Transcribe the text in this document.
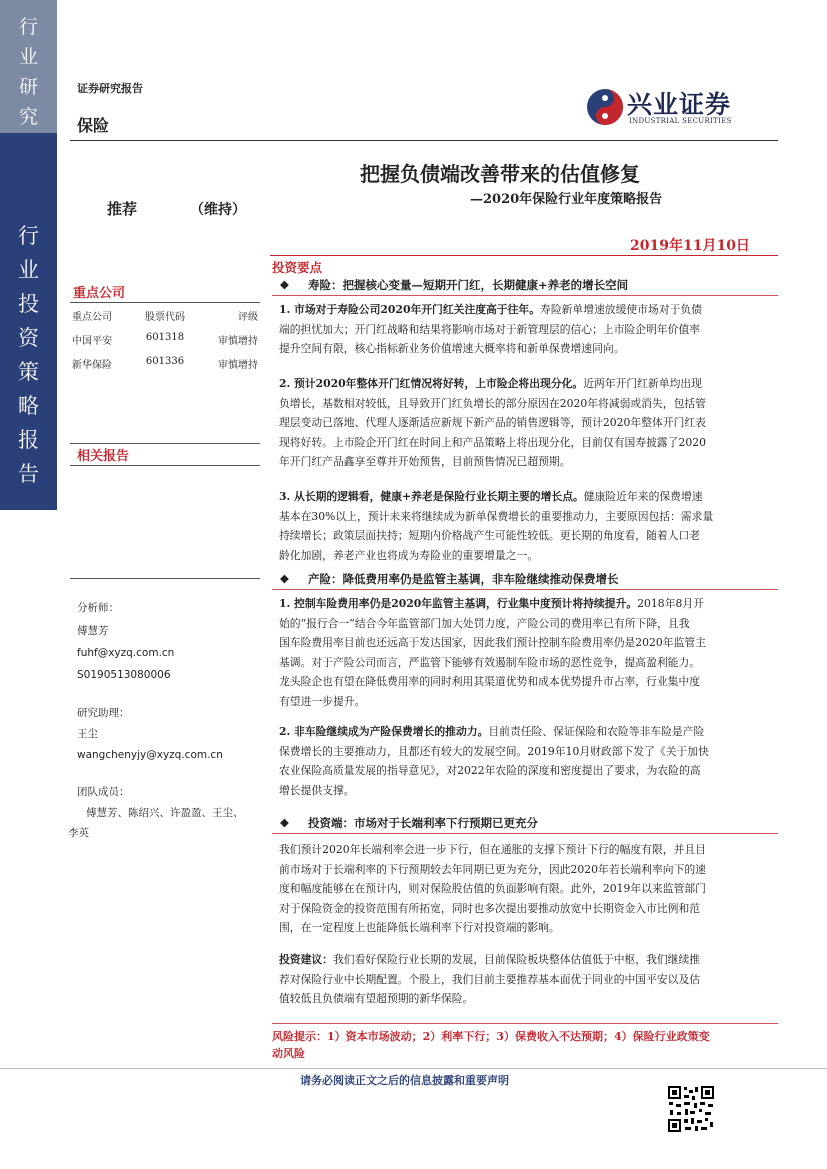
行
业
研
究
行
业
投
资
策
略
报
告
证券研究报告
保险
兴业证券
INDUSTRIAL SECURITIES
把握负债端改善带来的估值修复
—2020年保险行业年度策略报告
推荐	（维持）
2019年11月10日
重点公司
重点公司	股票代码	评级
中国平安	601318	审慎增持
新华保险	601336	审慎增持
相关报告
分析师：
傅慧芳
fuhf@xyzq.com.cn
S0190513080006
研究助理：
王尘
wangchenyjy@xyzq.com.cn
团队成员：
傅慧芳、陈绍兴、许盈盈、王尘、
李英
投资要点
◆ 寿险：把握核心变量—短期开门红，长期健康+养老的增长空间
1. 市场对于寿险公司2020年开门红关注度高于往年。寿险新单增速放缓使市场对于负债
端的担忧加大；开门红战略和结果将影响市场对于新管理层的信心；上市险企明年价值率
提升空间有限，核心指标新业务价值增速大概率将和新单保费增速同向。
2. 预计2020年整体开门红情况将好转，上市险企将出现分化。近两年开门红新单均出现
负增长，基数相对较低，且导致开门红负增长的部分原因在2020年将减弱或消失，包括管
理层变动已落地、代理人逐渐适应新规下新产品的销售逻辑等，预计2020年整体开门红表
现将好转。上市险企开门红在时间上和产品策略上将出现分化，目前仅有国寿披露了2020
年开门红产品鑫享至尊并开始预售，目前预售情况已超预期。
3. 从长期的逻辑看，健康+养老是保险行业长期主要的增长点。健康险近年来的保费增速
基本在30%以上，预计未来将继续成为新单保费增长的重要推动力，主要原因包括：需求量
持续增长；政策层面扶持；短期内价格战产生可能性较低。更长期的角度看，随着人口老
龄化加剧，养老产业也将成为寿险业的重要增量之一。
◆ 产险：降低费用率仍是监管主基调，非车险继续推动保费增长
1. 控制车险费用率仍是2020年监管主基调，行业集中度预计将持续提升。2018年8月开
始的“报行合一”结合今年监管部门加大处罚力度，产险公司的费用率已有所下降，且我
国车险费用率目前也还远高于发达国家，因此我们预计控制车险费用率仍是2020年监管主
基调。对于产险公司而言，严监管下能够有效遏制车险市场的恶性竞争，提高盈利能力。
龙头险企也有望在降低费用率的同时利用其渠道优势和成本优势提升市占率，行业集中度
有望进一步提升。
2. 非车险继续成为产险保费增长的推动力。目前责任险、保证保险和农险等非车险是产险
保费增长的主要推动力，且都还有较大的发展空间。2019年10月财政部下发了《关于加快
农业保险高质量发展的指导意见》，对2022年农险的深度和密度提出了要求，为农险的高
增长提供支撑。
◆ 投资端：市场对于长端利率下行预期已更充分
我们预计2020年长端利率会进一步下行，但在通胀的支撑下预计下行的幅度有限，并且目
前市场对于长端利率的下行预期较去年同期已更为充分，因此2020年若长端利率向下的速
度和幅度能够在在预计内，则对保险股估值的负面影响有限。此外，2019年以来监管部门
对于保险资金的投资范围有所拓宽，同时也多次提出要推动放宽中长期资金入市比例和范
围，在一定程度上也能降低长端利率下行对投资端的影响。
投资建议：我们看好保险行业长期的发展，目前保险板块整体估值低于中枢，我们继续推
荐对保险行业中长期配置。个股上，我们目前主要推荐基本面优于同业的中国平安以及估
值较低且负债端有望超预期的新华保险。
风险提示：1）资本市场波动；2）利率下行；3）保费收入不达预期；4）保险行业政策变
动风险
请务必阅读正文之后的信息披露和重要声明
